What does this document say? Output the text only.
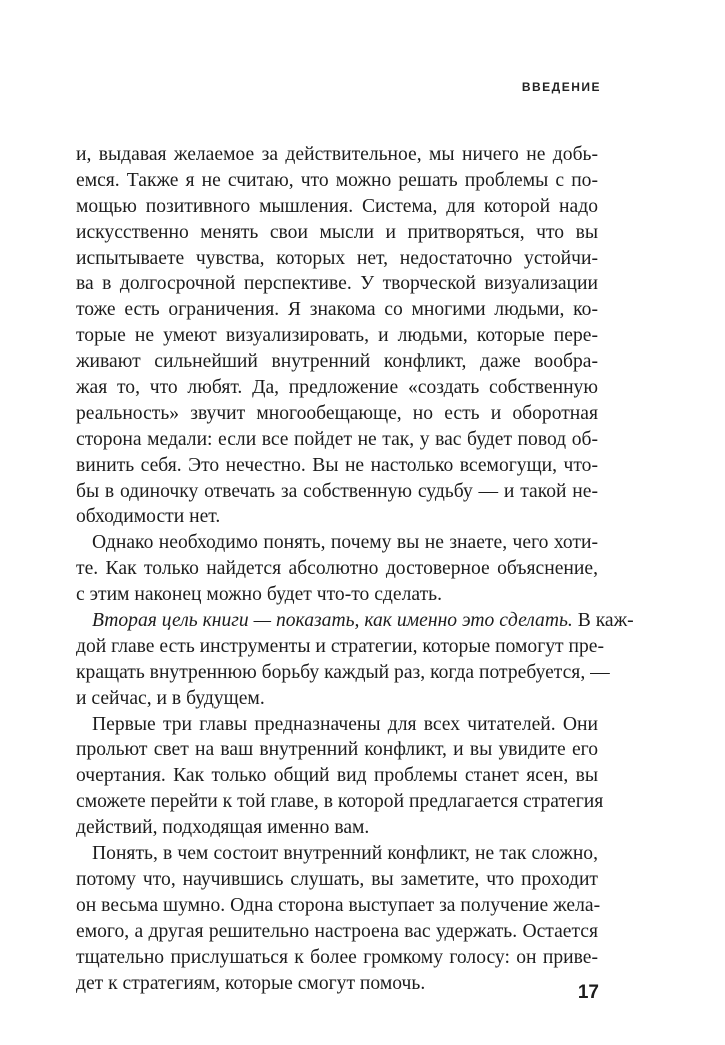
ВВЕДЕНИЕ
и, выдавая желаемое за действительное, мы ничего не добь-
емся. Также я не считаю, что можно решать проблемы с по-
мощью позитивного мышления. Система, для которой надо
искусственно менять свои мысли и притворяться, что вы
испытываете чувства, которых нет, недостаточно устойчи-
ва в долгосрочной перспективе. У творческой визуализации
тоже есть ограничения. Я знакома со многими людьми, ко-
торые не умеют визуализировать, и людьми, которые пере-
живают сильнейший внутренний конфликт, даже вообра-
жая то, что любят. Да, предложение «создать собственную
реальность» звучит многообещающе, но есть и оборотная
сторона медали: если все пойдет не так, у вас будет повод об-
винить себя. Это нечестно. Вы не настолько всемогущи, что-
бы в одиночку отвечать за собственную судьбу — и такой не-
обходимости нет.
Однако необходимо понять, почему вы не знаете, чего хоти-
те. Как только найдется абсолютно достоверное объяснение,
с этим наконец можно будет что-то сделать.
Вторая цель книги — показать, как именно это сделать. В каж-
дой главе есть инструменты и стратегии, которые помогут пре-
кращать внутреннюю борьбу каждый раз, когда потребуется, —
и сейчас, и в будущем.
Первые три главы предназначены для всех читателей. Они
прольют свет на ваш внутренний конфликт, и вы увидите его
очертания. Как только общий вид проблемы станет ясен, вы
сможете перейти к той главе, в которой предлагается стратегия
действий, подходящая именно вам.
Понять, в чем состоит внутренний конфликт, не так сложно,
потому что, научившись слушать, вы заметите, что проходит
он весьма шумно. Одна сторона выступает за получение жела-
емого, а другая решительно настроена вас удержать. Остается
тщательно прислушаться к более громкому голосу: он приве-
дет к стратегиям, которые смогут помочь.	17
